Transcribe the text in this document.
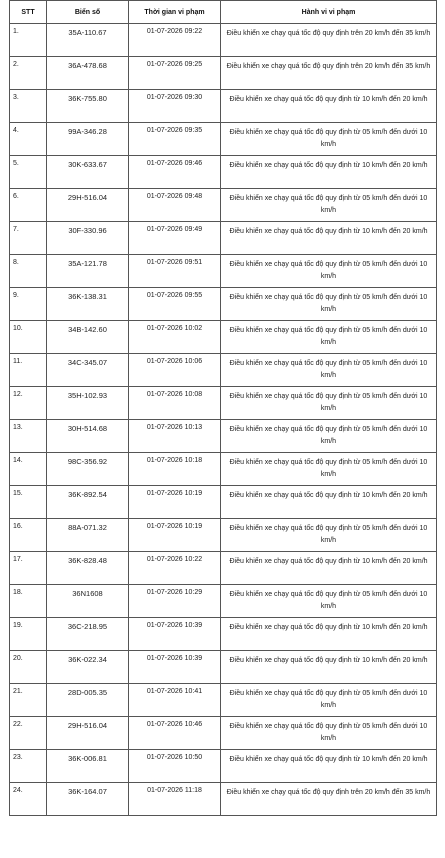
STT	Biển số	Thời gian vi phạm	Hành vi vi phạm
1.	35A-110.67	01-07-2026 09:22	Điều khiển xe chạy quá tốc độ quy định trên 20 km/h đến 35 km/h
2.	36A-478.68	01-07-2026 09:25	Điều khiển xe chạy quá tốc độ quy định trên 20 km/h đến 35 km/h
3.	36K-755.80	01-07-2026 09:30	Điều khiển xe chạy quá tốc độ quy định từ 10 km/h đến 20 km/h
4.	99A-346.28	01-07-2026 09:35	Điều khiển xe chạy quá tốc độ quy định từ 05 km/h đến dưới 10 km/h
5.	30K-633.67	01-07-2026 09:46	Điều khiển xe chạy quá tốc độ quy định từ 10 km/h đến 20 km/h
6.	29H-516.04	01-07-2026 09:48	Điều khiển xe chạy quá tốc độ quy định từ 05 km/h đến dưới 10 km/h
7.	30F-330.96	01-07-2026 09:49	Điều khiển xe chạy quá tốc độ quy định từ 10 km/h đến 20 km/h
8.	35A-121.78	01-07-2026 09:51	Điều khiển xe chạy quá tốc độ quy định từ 05 km/h đến dưới 10 km/h
9.	36K-138.31	01-07-2026 09:55	Điều khiển xe chạy quá tốc độ quy định từ 05 km/h đến dưới 10 km/h
10.	34B-142.60	01-07-2026 10:02	Điều khiển xe chạy quá tốc độ quy định từ 05 km/h đến dưới 10 km/h
11.	34C-345.07	01-07-2026 10:06	Điều khiển xe chạy quá tốc độ quy định từ 05 km/h đến dưới 10 km/h
12.	35H-102.93	01-07-2026 10:08	Điều khiển xe chạy quá tốc độ quy định từ 05 km/h đến dưới 10 km/h
13.	30H-514.68	01-07-2026 10:13	Điều khiển xe chạy quá tốc độ quy định từ 05 km/h đến dưới 10 km/h
14.	98C-356.92	01-07-2026 10:18	Điều khiển xe chạy quá tốc độ quy định từ 05 km/h đến dưới 10 km/h
15.	36K-892.54	01-07-2026 10:19	Điều khiển xe chạy quá tốc độ quy định từ 10 km/h đến 20 km/h
16.	88A-071.32	01-07-2026 10:19	Điều khiển xe chạy quá tốc độ quy định từ 05 km/h đến dưới 10 km/h
17.	36K-828.48	01-07-2026 10:22	Điều khiển xe chạy quá tốc độ quy định từ 10 km/h đến 20 km/h
18.	36N1608	01-07-2026 10:29	Điều khiển xe chạy quá tốc độ quy định từ 05 km/h đến dưới 10 km/h
19.	36C-218.95	01-07-2026 10:39	Điều khiển xe chạy quá tốc độ quy định từ 10 km/h đến 20 km/h
20.	36K-022.34	01-07-2026 10:39	Điều khiển xe chạy quá tốc độ quy định từ 10 km/h đến 20 km/h
21.	28D-005.35	01-07-2026 10:41	Điều khiển xe chạy quá tốc độ quy định từ 05 km/h đến dưới 10 km/h
22.	29H-516.04	01-07-2026 10:46	Điều khiển xe chạy quá tốc độ quy định từ 05 km/h đến dưới 10 km/h
23.	36K-006.81	01-07-2026 10:50	Điều khiển xe chạy quá tốc độ quy định từ 10 km/h đến 20 km/h
24.	36K-164.07	01-07-2026 11:18	Điều khiển xe chạy quá tốc độ quy định trên 20 km/h đến 35 km/h
